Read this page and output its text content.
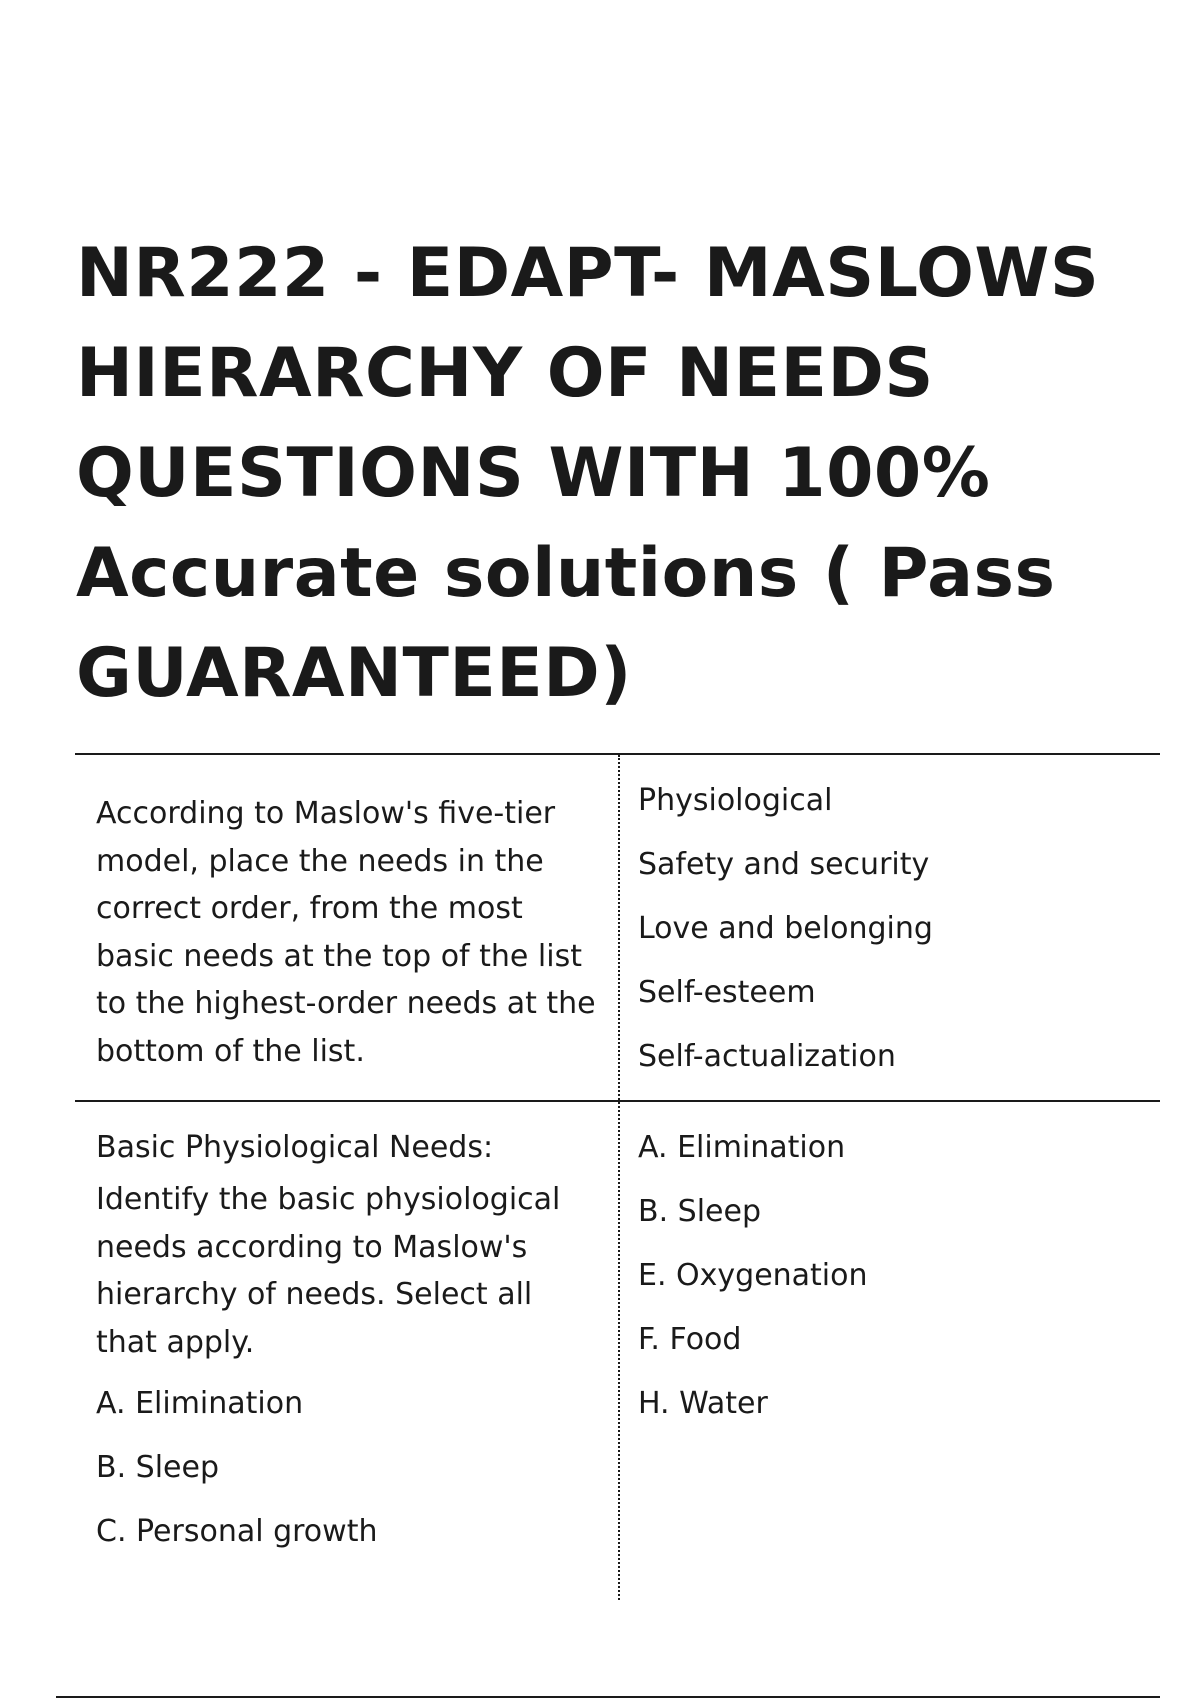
NR222 - EDAPT- MASLOWS
HIERARCHY OF NEEDS
QUESTIONS WITH 100%
Accurate solutions ( Pass
GUARANTEED)

According to Maslow's five-tier model, place the needs in the correct order, from the most basic needs at the top of the list to the highest-order needs at the bottom of the list.

Physiological

Safety and security

Love and belonging

Self-esteem

Self-actualization

Basic Physiological Needs:

Identify the basic physiological needs according to Maslow's hierarchy of needs. Select all that apply.

A. Elimination

B. Sleep

C. Personal growth

A. Elimination

B. Sleep

E. Oxygenation

F. Food

H. Water
